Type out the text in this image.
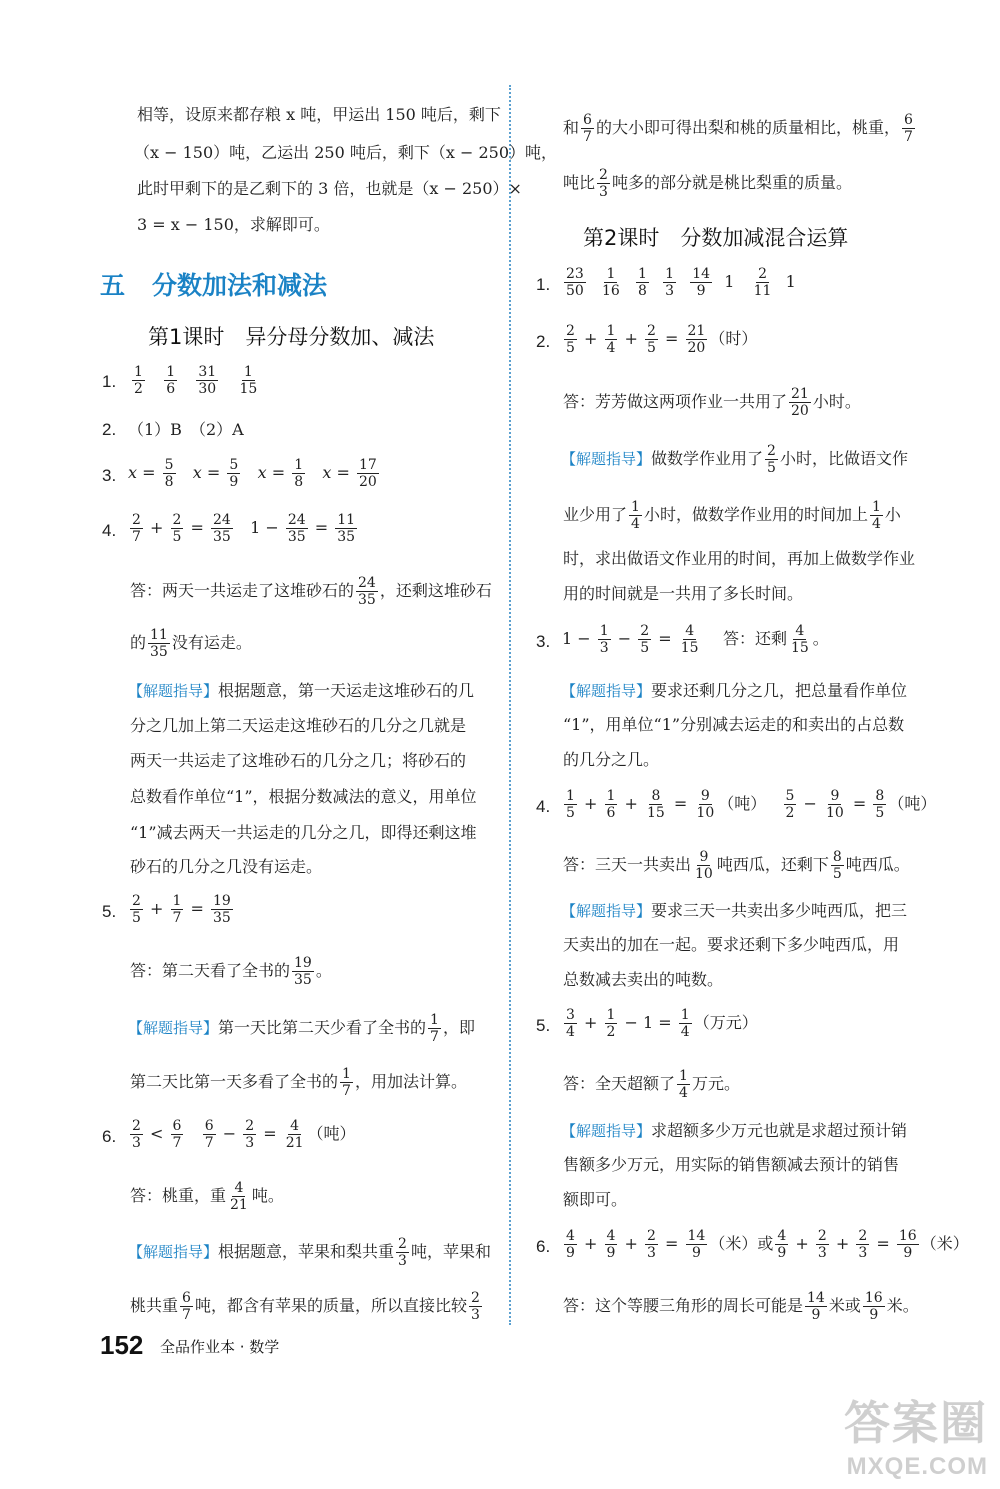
相等，设原来都存粮 x 吨，甲运出 150 吨后，剩下
（x − 150）吨，乙运出 250 吨后，剩下（x − 250）吨，
此时甲剩下的是乙剩下的 3 倍，也就是（x − 250）×
3 = x − 150，求解即可。
五 分数加法和减法
第1课时　异分母分数加、减法
1. $\frac{1}{2}$
$\frac{1}{6}$
$\frac{31}{30}$
$\frac{1}{15}$
2. （1）B　（2）A
3. $x = \frac{5}{8}$ $x = \frac{5}{9}$ $x = \frac{1}{8}$ $x = \frac{17}{20}$
4. $\frac{2}{7} + \frac{2}{5} = \frac{24}{35} 1 - \frac{24}{35} = \frac{11}{35}$
答：两天一共运走了这堆砂石的 $\frac{24}{35}$ ，还剩这堆砂石
的 $\frac{11}{35}$ 没有运走。
【解题指导】根据题意，第一天运走这堆砂石的几
分之几加上第二天运走这堆砂石的几分之几就是
两天一共运走了这堆砂石的几分之几；将砂石的
总数看作单位“1”，根据分数减法的意义，用单位
“1”减去两天一共运走的几分之几，即得还剩这堆
砂石的几分之几没有运走。
5. $\frac{2}{5} + \frac{1}{7} = \frac{19}{35}$
答：第二天看了全书的 $\frac{19}{35}$ 。
【解题指导】第一天比第二天少看了全书的 $\frac{1}{7}$ ，即
第二天比第一天多看了全书的 $\frac{1}{7}$ ，用加法计算。
6. $\frac{2}{3} < \frac{6}{7}$
$\frac{6}{7} - \frac{2}{3} = \frac{4}{21}$ （吨）
答：桃重，重 $\frac{4}{21}$ 吨。
【解题指导】根据题意，苹果和梨共重 $\frac{2}{3}$ 吨，苹果和
桃共重 $\frac{6}{7}$ 吨，都含有苹果的质量，所以直接比较 $\frac{2}{3}$
和 $\frac{6}{7}$ 的大小即可得出梨和桃的质量相比，桃重， $\frac{6}{7}$
吨比 $\frac{2}{3}$ 吨多的部分就是桃比梨重的质量。
第2课时　分数加减混合运算
1. $\frac{23}{50}$
$\frac{1}{16}$
$\frac{1}{8}$
$\frac{1}{3}$
$\frac{14}{9} 1 \frac{2}{11} 1$
2. $\frac{2}{5} + \frac{1}{4} + \frac{2}{5} = \frac{21}{20}$ （时）
答：芳芳做这两项作业一共用了 $\frac{21}{20}$ 小时。
【解题指导】做数学作业用了 $\frac{2}{5}$ 小时，比做语文作
业少用了 $\frac{1}{4}$ 小时，做数学作业用的时间加上 $\frac{1}{4}$ 小
时，求出做语文作业用的时间，再加上做数学作业
用的时间就是一共用了多长时间。
3. $1 - \frac{1}{3} - \frac{2}{5} = \frac{4}{15}$ 答：还剩 $\frac{4}{15}$ 。
【解题指导】要求还剩几分之几，把总量看作单位
“1”，用单位“1”分别减去运走的和卖出的占总数
的几分之几。
4. $\frac{1}{5} + \frac{1}{6} + \frac{8}{15} = \frac{9}{10}$ （吨） $\frac{5}{2} - \frac{9}{10} = \frac{8}{5}$ （吨）
答：三天一共卖出 $\frac{9}{10}$ 吨西瓜，还剩下 $\frac{8}{5}$ 吨西瓜。
【解题指导】要求三天一共卖出多少吨西瓜，把三
天卖出的加在一起。要求还剩下多少吨西瓜，用
总数减去卖出的吨数。
5. $\frac{3}{4} + \frac{1}{2} - 1 = \frac{1}{4}$ （万元）
答：全天超额了 $\frac{1}{4}$ 万元。
【解题指导】求超额多少万元也就是求超过预计销
售额多少万元，用实际的销售额减去预计的销售
额即可。
6. $\frac{4}{9} + \frac{4}{9} + \frac{2}{3} = \frac{14}{9}$ （米）或 $\frac{4}{9} + \frac{2}{3} + \frac{2}{3} = \frac{16}{9}$ （米）
答：这个等腰三角形的周长可能是 $\frac{14}{9}$ 米或 $\frac{16}{9}$ 米。
152 全品作业本 · 数学
答案圈
MXQE.COM
